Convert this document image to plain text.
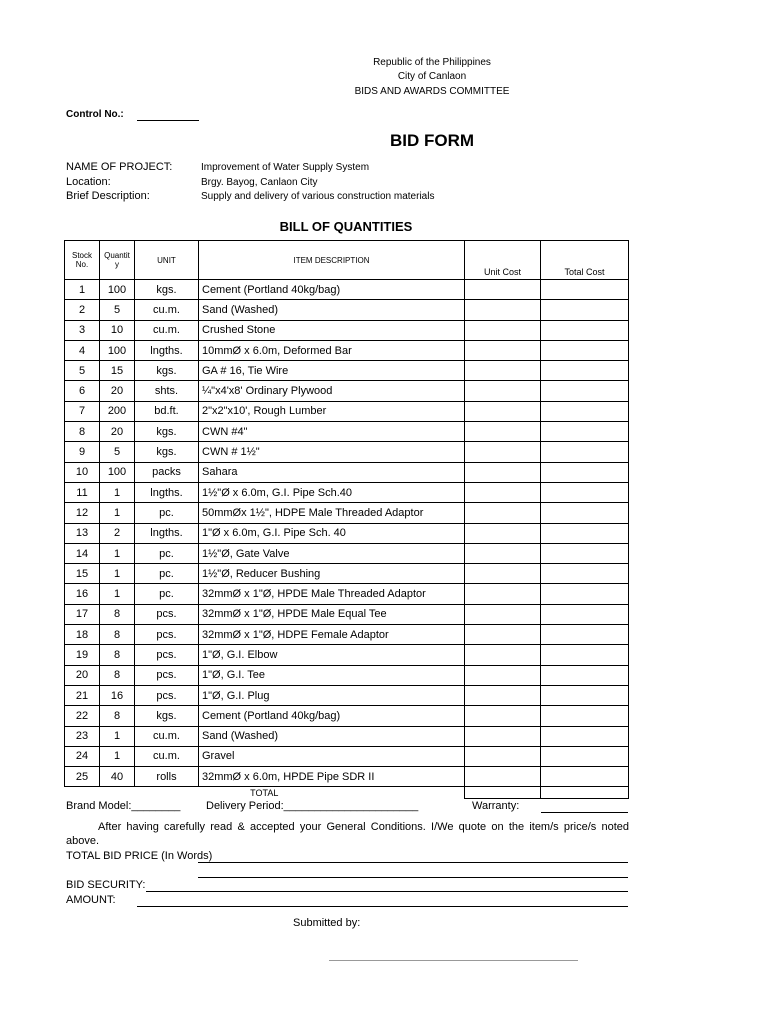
Republic of the Philippines
City of Canlaon
BIDS AND AWARDS COMMITTEE
Control No.:
BID FORM
NAME OF PROJECT:	Improvement of Water Supply System
Location:	Brgy. Bayog, Canlaon City
Brief Description:	Supply and delivery of various construction materials
BILL OF QUANTITIES
Stock No.	Quantity	UNIT	ITEM DESCRIPTION	Unit Cost	Total Cost
1	100	kgs.	Cement (Portland 40kg/bag)		
2	5	cu.m.	Sand (Washed)		
3	10	cu.m.	Crushed Stone		
4	100	lngths.	10mmØ x 6.0m, Deformed Bar		
5	15	kgs.	GA # 16, Tie Wire		
6	20	shts.	¼"x4'x8' Ordinary Plywood		
7	200	bd.ft.	2"x2"x10', Rough Lumber		
8	20	kgs.	CWN #4"		
9	5	kgs.	CWN # 1½"		
10	100	packs	Sahara		
11	1	lngths.	1½"Ø x 6.0m, G.I. Pipe Sch.40		
12	1	pc.	50mmØx 1½", HDPE Male Threaded Adaptor		
13	2	lngths.	1"Ø x 6.0m, G.I. Pipe Sch. 40		
14	1	pc.	1½"Ø, Gate Valve		
15	1	pc.	1½"Ø, Reducer Bushing		
16	1	pc.	32mmØ x 1"Ø, HPDE Male Threaded Adaptor		
17	8	pcs.	32mmØ x 1"Ø, HPDE Male Equal Tee		
18	8	pcs.	32mmØ x 1"Ø, HDPE Female Adaptor		
19	8	pcs.	1"Ø, G.I. Elbow		
20	8	pcs.	1"Ø, G.I. Tee		
21	16	pcs.	1"Ø, G.I. Plug		
22	8	kgs.	Cement (Portland 40kg/bag)		
23	1	cu.m.	Sand (Washed)		
24	1	cu.m.	Gravel		
25	40	rolls	32mmØ x 6.0m, HPDE Pipe SDR II		
TOTAL					
Brand Model:________ Delivery Period:______________________	Warranty:
After having carefully read & accepted your General Conditions. I/We quote on the item/s price/s noted above.
TOTAL BID PRICE (In Words)
BID SECURITY:
AMOUNT:
Submitted by:
